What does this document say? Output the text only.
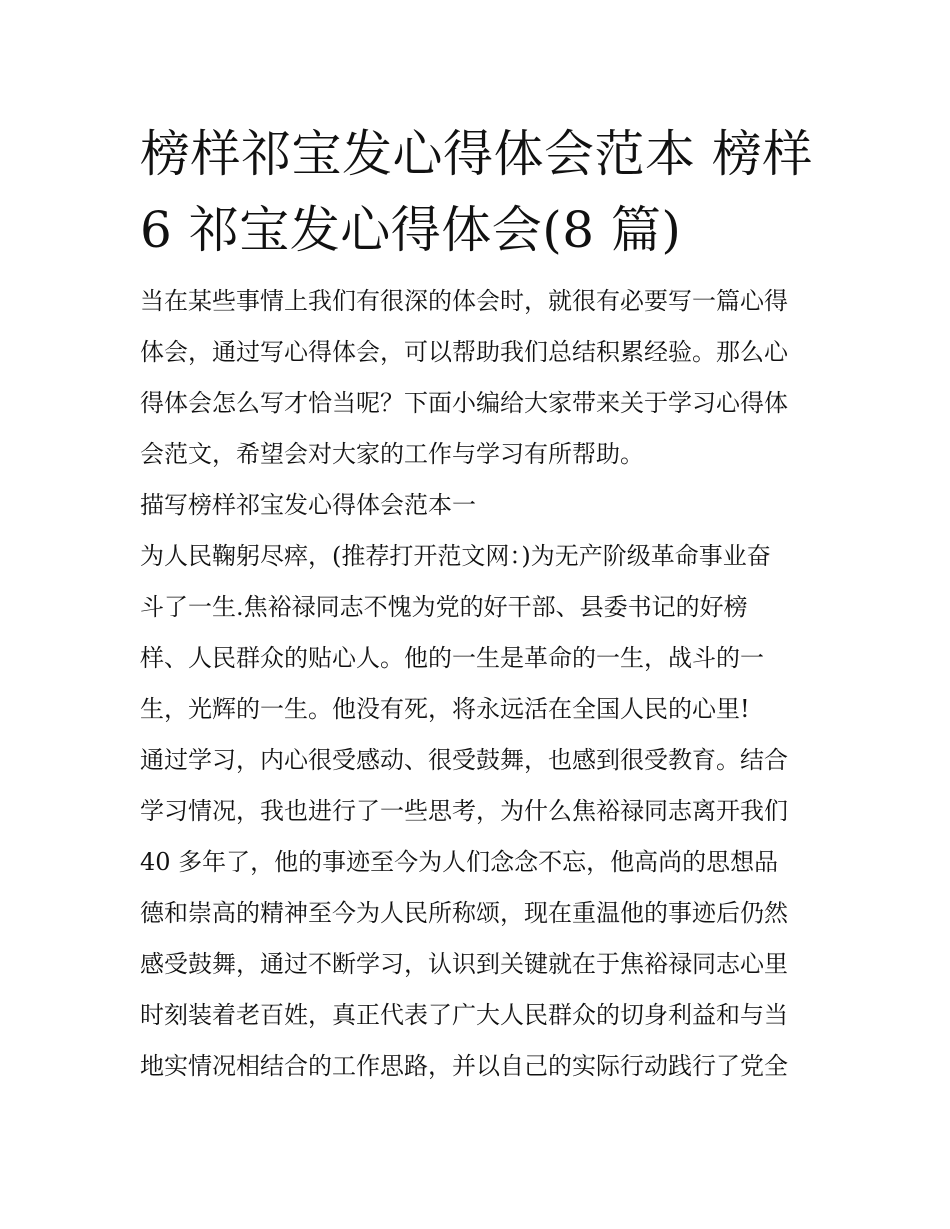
榜样祁宝发心得体会范本 榜样
6 祁宝发心得体会(8 篇)
当在某些事情上我们有很深的体会时，就很有必要写一篇心得
体会，通过写心得体会，可以帮助我们总结积累经验。那么心
得体会怎么写才恰当呢？下面小编给大家带来关于学习心得体
会范文，希望会对大家的工作与学习有所帮助。
描写榜样祁宝发心得体会范本一
为人民鞠躬尽瘁，(推荐打开范文网：)为无产阶级革命事业奋
斗了一生.焦裕禄同志不愧为党的好干部、县委书记的好榜
样、人民群众的贴心人。他的一生是革命的一生，战斗的一
生，光辉的一生。他没有死，将永远活在全国人民的心里!
通过学习，内心很受感动、很受鼓舞，也感到很受教育。结合
学习情况，我也进行了一些思考，为什么焦裕禄同志离开我们
40 多年了，他的事迹至今为人们念念不忘，他高尚的思想品
德和崇高的精神至今为人民所称颂，现在重温他的事迹后仍然
感受鼓舞，通过不断学习，认识到关键就在于焦裕禄同志心里
时刻装着老百姓，真正代表了广大人民群众的切身利益和与当
地实情况相结合的工作思路，并以自己的实际行动践行了党全
